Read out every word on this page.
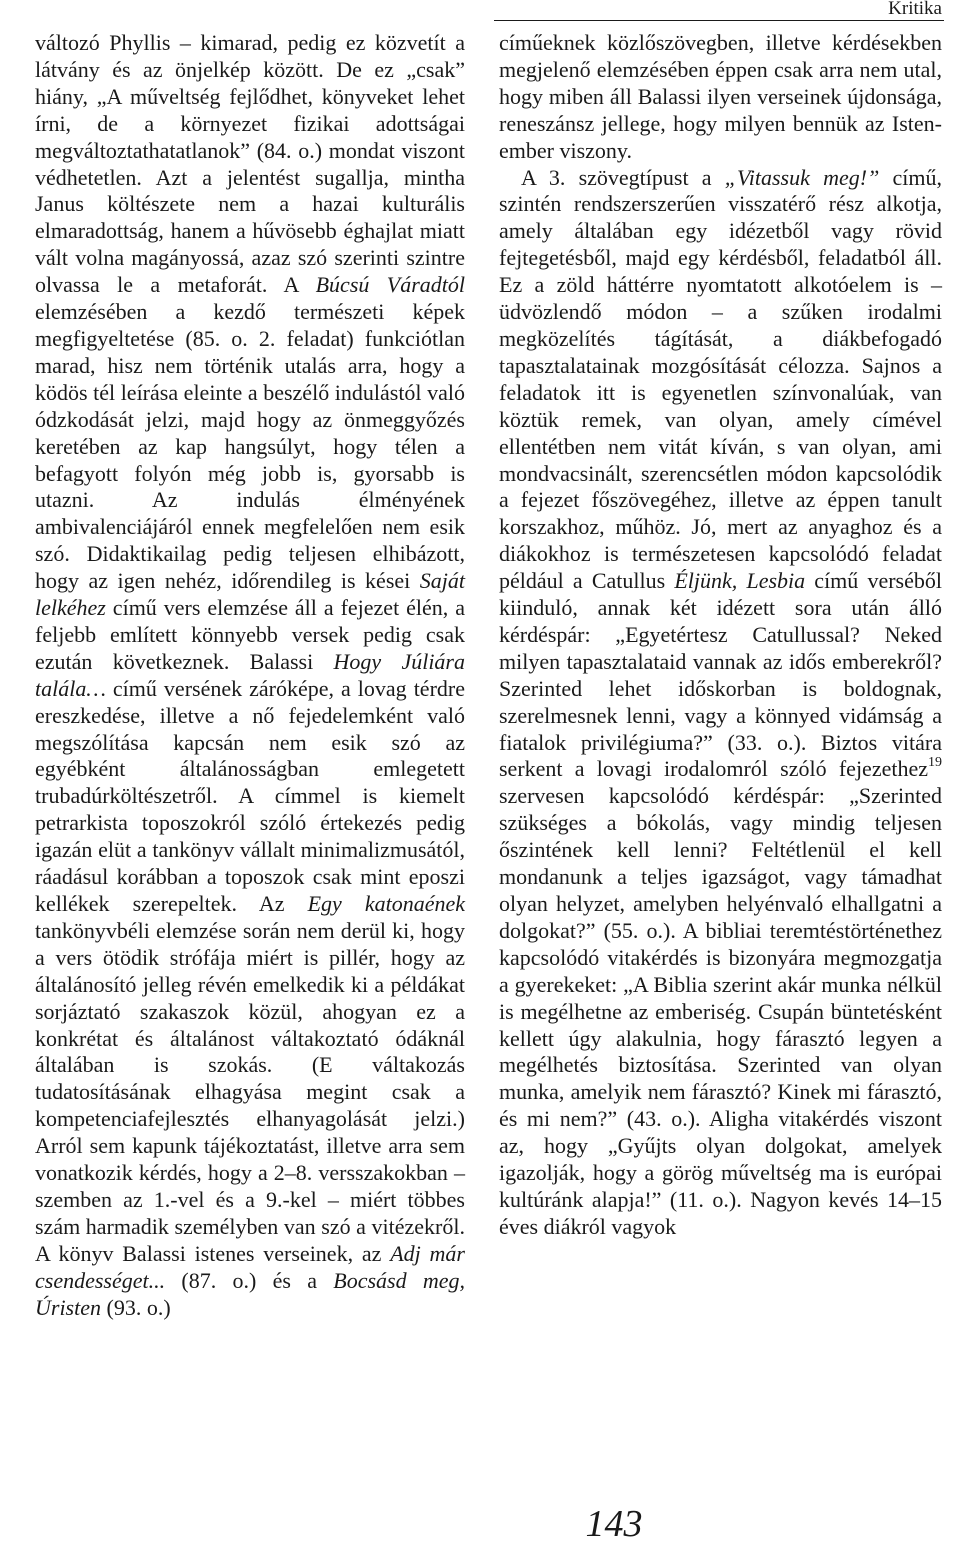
Kritika

változó Phyllis – kimarad, pedig ez közvetít a látvány és az önjelkép között. De ez „csak” hiány, „A műveltség fejlődhet, könyveket lehet írni, de a környezet fizikai adottságai megváltoztathatatlanok” (84. o.) mondat viszont védhetetlen. Azt a jelentést sugallja, mintha Janus költészete nem a hazai kulturális elmaradottság, hanem a hűvösebb éghajlat miatt vált volna magányossá, azaz szó szerinti szintre olvassa le a metaforát. A Búcsú Váradtól elemzésében a kezdő természeti képek megfigyeltetése (85. o. 2. feladat) funkciótlan marad, hisz nem történik utalás arra, hogy a ködös tél leírása eleinte a beszélő indulástól való ódzkodását jelzi, majd hogy az önmeggyőzés keretében az kap hangsúlyt, hogy télen a befagyott folyón még jobb is, gyorsabb is utazni. Az indulás élményének ambivalenciájáról ennek megfelelően nem esik szó. Didaktikailag pedig teljesen elhibázott, hogy az igen nehéz, időrendileg is kései Saját lelkéhez című vers elemzése áll a fejezet élén, a feljebb említett könnyebb versek pedig csak ezután következnek. Balassi Hogy Júliára talála… című versének záróképe, a lovag térdre ereszkedése, illetve a nő fejedelemként való megszólítása kapcsán nem esik szó az egyébként általánosságban emlegetett trubadúrköltészetről. A címmel is kiemelt petrarkista toposzokról szóló értekezés pedig igazán elüt a tankönyv vállalt minimalizmusától, ráadásul korábban a toposzok csak mint eposzi kellékek szerepeltek. Az Egy katonaének tankönyvbéli elemzése során nem derül ki, hogy a vers ötödik strófája miért is pillér, hogy az általánosító jelleg révén emelkedik ki a példákat sorjáztató szakaszok közül, ahogyan ez a konkrétat és általánost váltakoztató ódáknál általában is szokás. (E váltakozás tudatosításának elhagyása megint csak a kompetenciafejlesztés elhanyagolását jelzi.) Arról sem kapunk tájékoztatást, illetve arra sem vonatkozik kérdés, hogy a 2–8. versszakokban – szemben az 1.-vel és a 9.-kel – miért többes szám harmadik személyben van szó a vitézekről. A könyv Balassi istenes verseinek, az Adj már csendességet... (87. o.) és a Bocsásd meg, Úristen (93. o.)

címűeknek közlőszövegben, illetve kérdésekben megjelenő elemzésében éppen csak arra nem utal, hogy miben áll Balassi ilyen verseinek újdonsága, reneszánsz jellege, hogy milyen bennük az Isten-ember viszony.

A 3. szövegtípust a „Vitassuk meg!” című, szintén rendszerszerűen visszatérő rész alkotja, amely általában egy idézetből vagy rövid fejtegetésből, majd egy kérdésből, feladatból áll. Ez a zöld háttérre nyomtatott alkotóelem is – üdvözlendő módon – a szűken irodalmi megközelítés tágítását, a diákbefogadó tapasztalatainak mozgósítását célozza. Sajnos a feladatok itt is egyenetlen színvonalúak, van köztük remek, van olyan, amely címével ellentétben nem vitát kíván, s van olyan, ami mondvacsinált, szerencsétlen módon kapcsolódik a fejezet főszövegéhez, illetve az éppen tanult korszakhoz, műhöz. Jó, mert az anyaghoz és a diákokhoz is természetesen kapcsolódó feladat például a Catullus Éljünk, Lesbia című verséből kiinduló, annak két idézett sora után álló kérdéspár: „Egyetértesz Catullussal? Neked milyen tapasztalataid vannak az idős emberekről? Szerinted lehet időskorban is boldognak, szerelmesnek lenni, vagy a könnyed vidámság a fiatalok privilégiuma?” (33. o.). Biztos vitára serkent a lovagi irodalomról szóló fejezethez$^{19}$ szervesen kapcsolódó kérdéspár: „Szerinted szükséges a bókolás, vagy mindig teljesen őszintének kell lenni? Feltétlenül el kell mondanunk a teljes igazságot, vagy támadhat olyan helyzet, amelyben helyénvaló elhallgatni a dolgokat?” (55. o.). A bibliai teremtéstörténethez kapcsolódó vitakérdés is bizonyára megmozgatja a gyerekeket: „A Biblia szerint akár munka nélkül is megélhetne az emberiség. Csupán büntetésként kellett úgy alakulnia, hogy fárasztó legyen a megélhetés biztosítása. Szerinted van olyan munka, amelyik nem fárasztó? Kinek mi fárasztó, és mi nem?” (43. o.). Aligha vitakérdés viszont az, hogy „Gyűjts olyan dolgokat, amelyek igazolják, hogy a görög műveltség ma is európai kultúránk alapja!” (11. o.). Nagyon kevés 14–15 éves diákról vagyok

143
